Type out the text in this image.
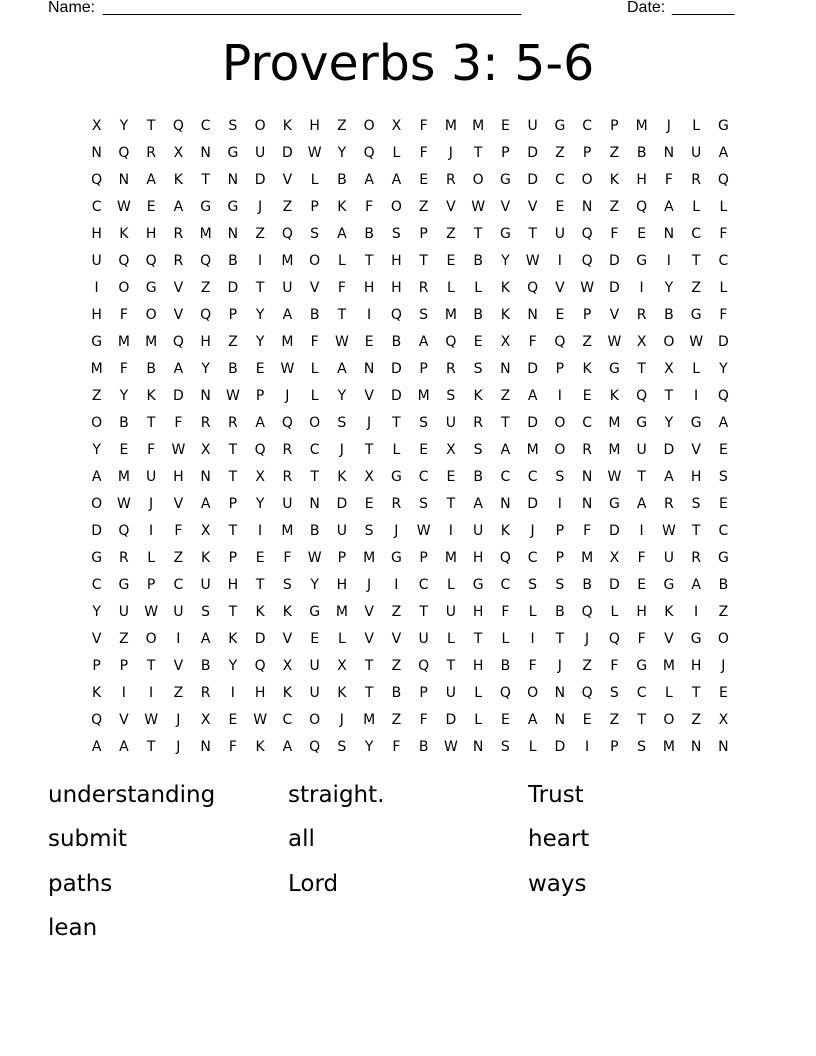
Name: _______________________________________________	Date: _______
Proverbs 3: 5-6
X	Y	T	Q	C	S	O	K	H	Z	O	X	F	M	M	E	U	G	C	P	M	J	L	G
N	Q	R	X	N	G	U	D	W	Y	Q	L	F	J	T	P	D	Z	P	Z	B	N	U	A
Q	N	A	K	T	N	D	V	L	B	A	A	E	R	O	G	D	C	O	K	H	F	R	Q
C	W	E	A	G	G	J	Z	P	K	F	O	Z	V	W	V	V	E	N	Z	Q	A	L	L
H	K	H	R	M	N	Z	Q	S	A	B	S	P	Z	T	G	T	U	Q	F	E	N	C	F
U	Q	Q	R	Q	B	I	M	O	L	T	H	T	E	B	Y	W	I	Q	D	G	I	T	C
I	O	G	V	Z	D	T	U	V	F	H	H	R	L	L	K	Q	V	W	D	I	Y	Z	L
H	F	O	V	Q	P	Y	A	B	T	I	Q	S	M	B	K	N	E	P	V	R	B	G	F
G	M	M	Q	H	Z	Y	M	F	W	E	B	A	Q	E	X	F	Q	Z	W	X	O	W	D
M	F	B	A	Y	B	E	W	L	A	N	D	P	R	S	N	D	P	K	G	T	X	L	Y
Z	Y	K	D	N	W	P	J	L	Y	V	D	M	S	K	Z	A	I	E	K	Q	T	I	Q
O	B	T	F	R	R	A	Q	O	S	J	T	S	U	R	T	D	O	C	M	G	Y	G	A
Y	E	F	W	X	T	Q	R	C	J	T	L	E	X	S	A	M	O	R	M	U	D	V	E
A	M	U	H	N	T	X	R	T	K	X	G	C	E	B	C	C	S	N	W	T	A	H	S
O	W	J	V	A	P	Y	U	N	D	E	R	S	T	A	N	D	I	N	G	A	R	S	E
D	Q	I	F	X	T	I	M	B	U	S	J	W	I	U	K	J	P	F	D	I	W	T	C
G	R	L	Z	K	P	E	F	W	P	M	G	P	M	H	Q	C	P	M	X	F	U	R	G
C	G	P	C	U	H	T	S	Y	H	J	I	C	L	G	C	S	S	B	D	E	G	A	B
Y	U	W	U	S	T	K	K	G	M	V	Z	T	U	H	F	L	B	Q	L	H	K	I	Z
V	Z	O	I	A	K	D	V	E	L	V	V	U	L	T	L	I	T	J	Q	F	V	G	O
P	P	T	V	B	Y	Q	X	U	X	T	Z	Q	T	H	B	F	J	Z	F	G	M	H	J
K	I	I	Z	R	I	H	K	U	K	T	B	P	U	L	Q	O	N	Q	S	C	L	T	E
Q	V	W	J	X	E	W	C	O	J	M	Z	F	D	L	E	A	N	E	Z	T	O	Z	X
A	A	T	J	N	F	K	A	Q	S	Y	F	B	W	N	S	L	D	I	P	S	M	N	N
understanding	straight.	Trust
submit	all	heart
paths	Lord	ways
lean
